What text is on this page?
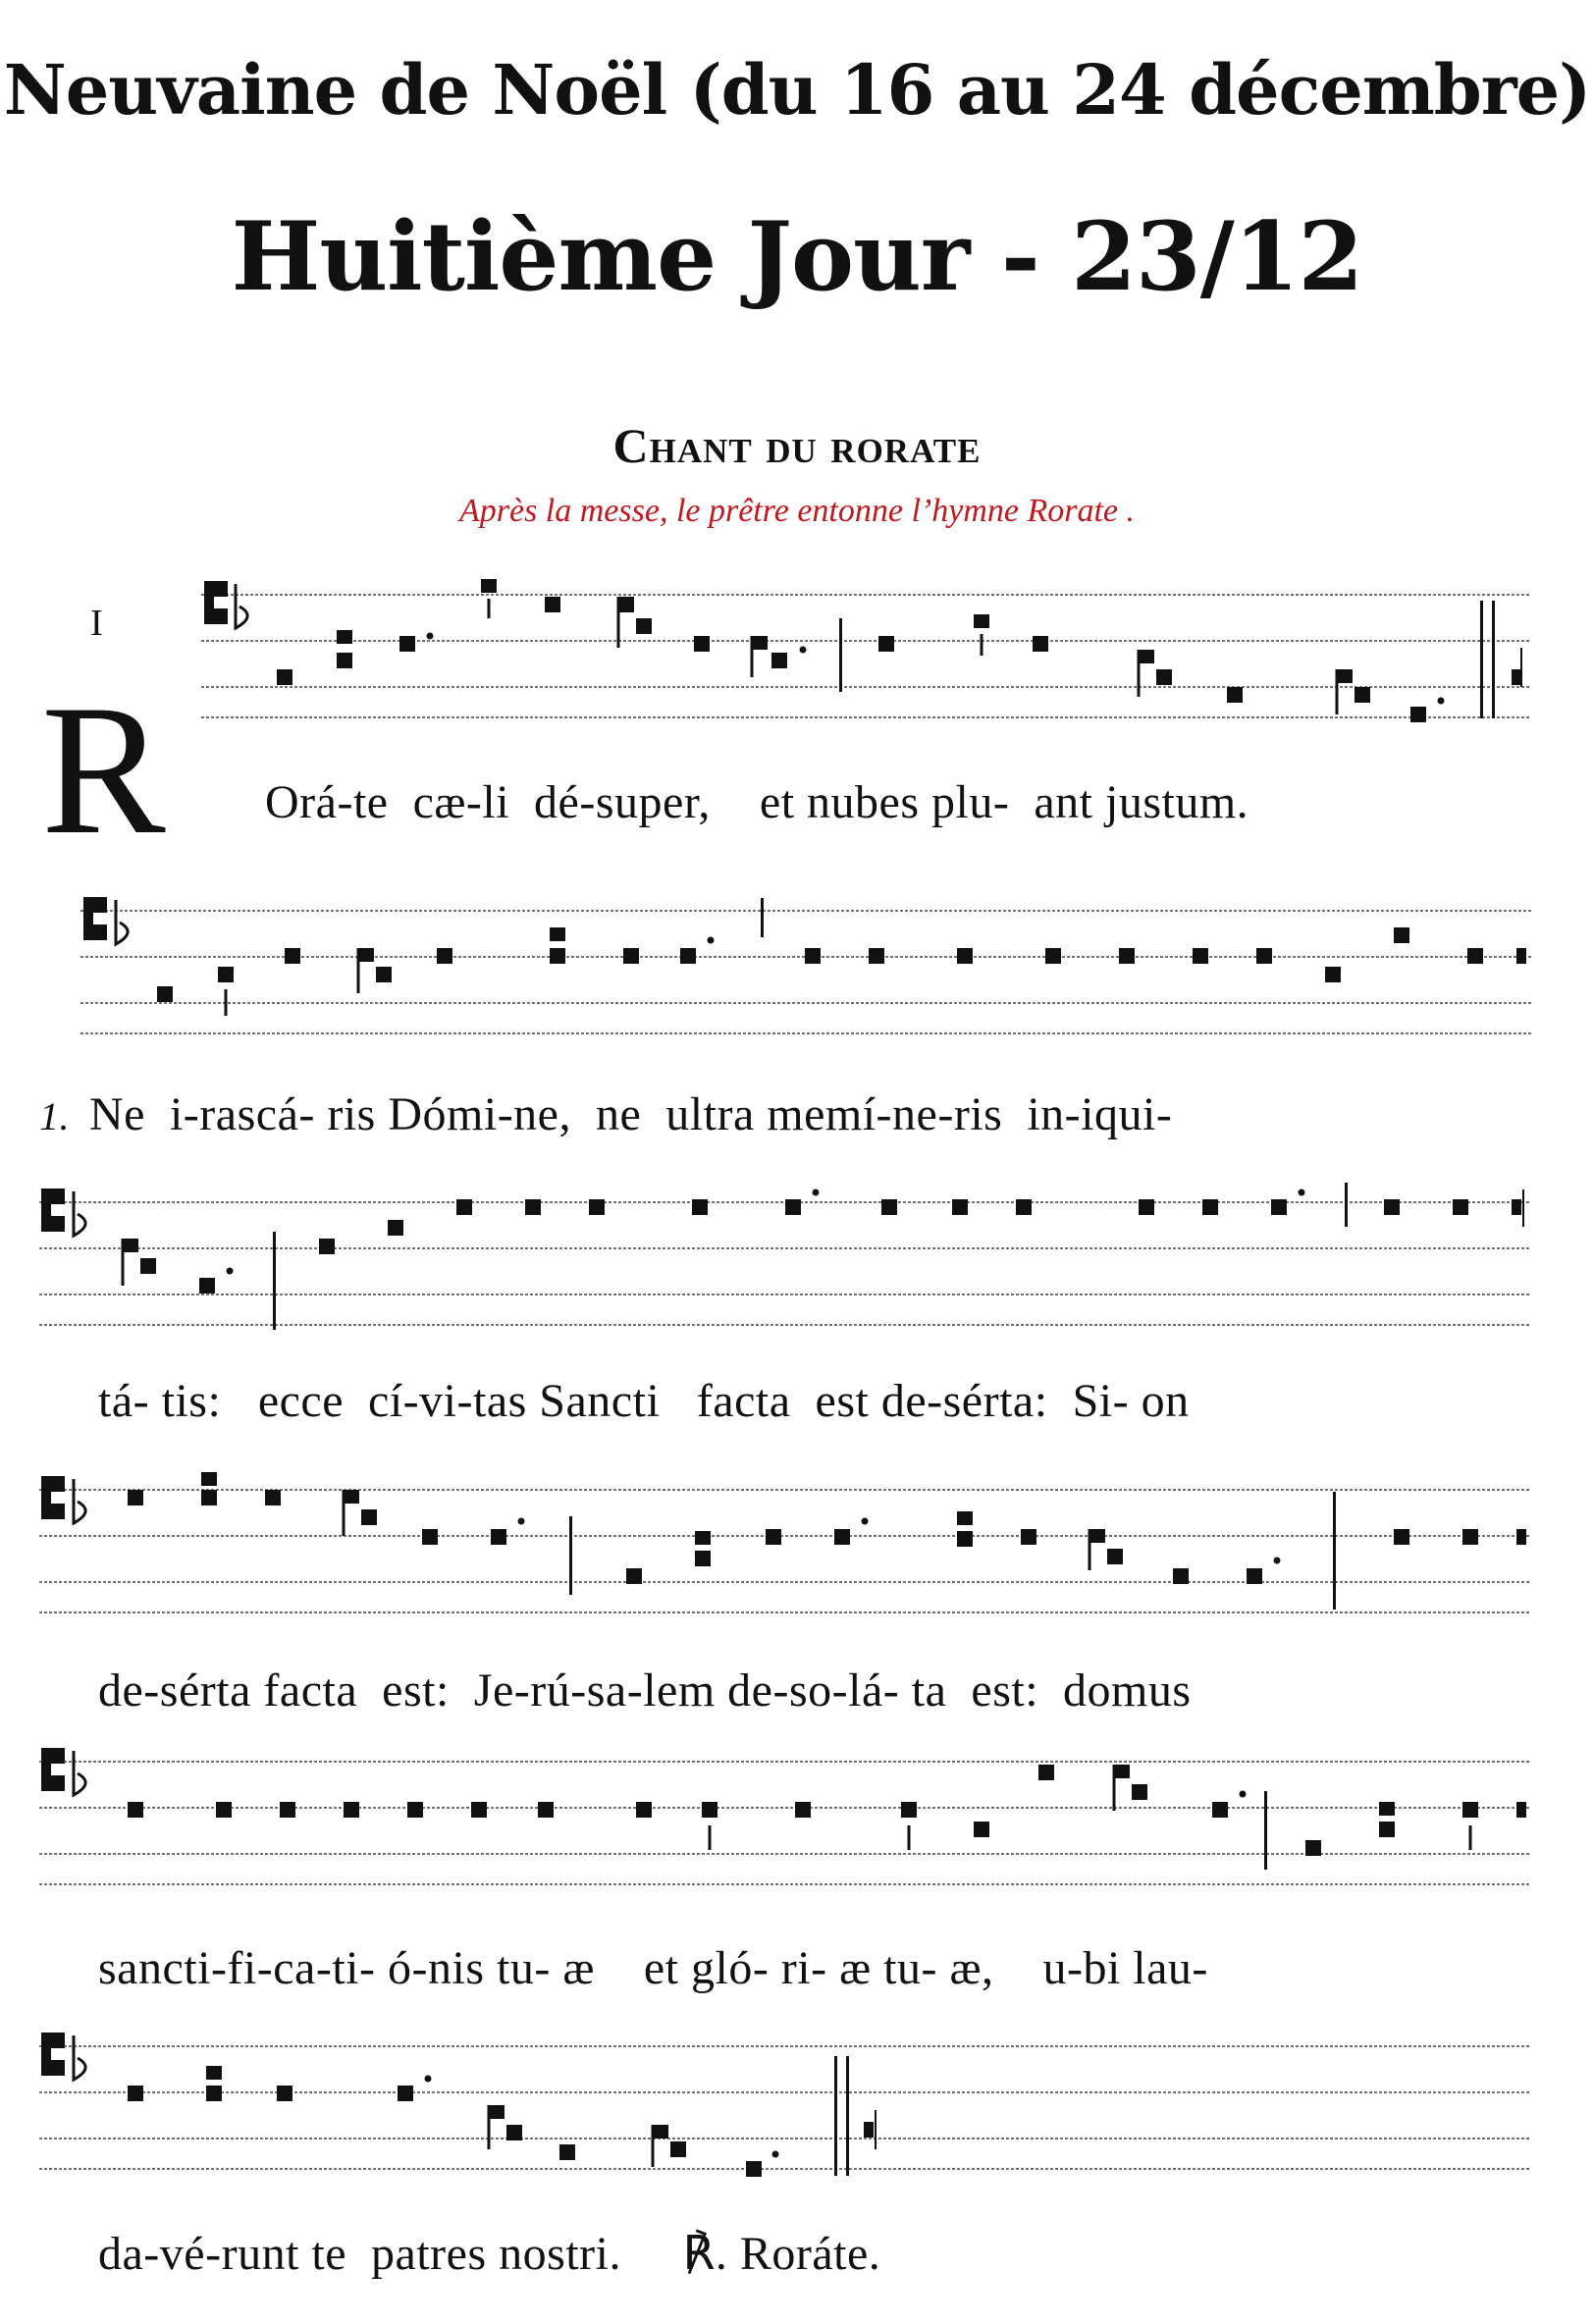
Neuvaine de Noël (du 16 au 24 décembre)
Huitième Jour - 23/12
Chant du rorate
Après la messe, le prêtre entonne l’hymne Rorate .
I
R Orá-te  cæ-li  dé-super,    et nubes plu-  ant justum.
1. Ne  i-rascá- ris Dómi-ne,  ne  ultra memí-ne-ris  in-iqui-
tá- tis:   ecce  cí-vi-tas Sancti   facta  est de-sérta:  Si- on
de-sérta facta  est:  Je-rú-sa-lem de-so-lá- ta  est:  domus
sancti-fi-ca-ti- ó-nis tu- æ    et gló- ri- æ tu- æ,    u-bi lau-
da-vé-runt te  patres nostri.     ℟. Roráte.
